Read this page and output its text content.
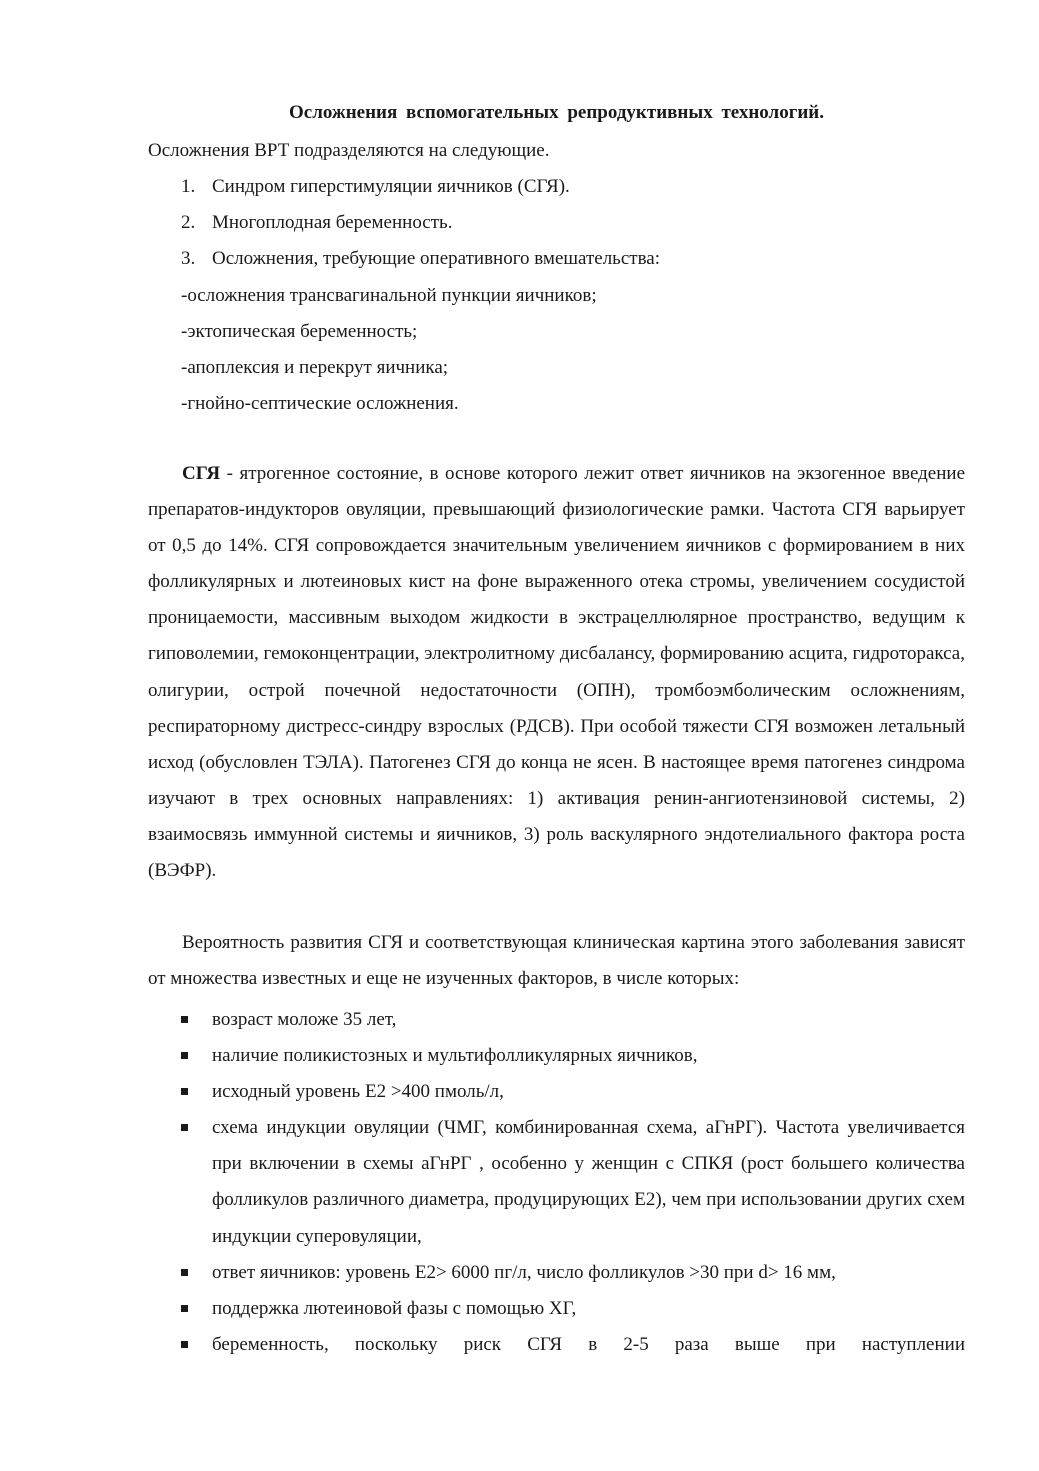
Осложнения вспомогательных репродуктивных технологий.
Осложнения ВРТ подразделяются на следующие.
1. Синдром гиперстимуляции яичников (СГЯ).
2. Многоплодная беременность.
3. Осложнения, требующие оперативного вмешательства:
-осложнения трансвагинальной пункции яичников;
-эктопическая беременность;
-апоплексия и перекрут яичника;
-гнойно-септические осложнения.
СГЯ - ятрогенное состояние, в основе которого лежит ответ яичников на экзогенное введение препаратов-индукторов овуляции, превышающий физиологические рамки. Частота СГЯ варьирует от 0,5 до 14%. СГЯ сопровождается значительным увеличением яичников с формированием в них фолликулярных и лютеиновых кист на фоне выраженного отека стромы, увеличением сосудистой проницаемости, массивным выходом жидкости в экстрацеллюлярное пространство, ведущим к гиповолемии, гемоконцентрации, электролитному дисбалансу, формированию асцита, гидроторакса, олигурии, острой почечной недостаточности (ОПН), тромбоэмболическим осложнениям, респираторному дистресс-синдру взрослых (РДСВ). При особой тяжести СГЯ возможен летальный исход (обусловлен ТЭЛА). Патогенез СГЯ до конца не ясен. В настоящее время патогенез синдрома изучают в трех основных направлениях: 1) активация ренин-ангиотензиновой системы, 2) взаимосвязь иммунной системы и яичников, 3) роль васкулярного эндотелиального фактора роста (ВЭФР).
Вероятность развития СГЯ и соответствующая клиническая картина этого заболевания зависят от множества известных и еще не изученных факторов, в числе которых:
возраст моложе 35 лет,
наличие поликистозных и мультифолликулярных яичников,
исходный уровень Е2 >400 пмоль/л,
схема индукции овуляции (ЧМГ, комбинированная схема, аГнРГ). Частота увеличивается при включении в схемы аГнРГ , особенно у женщин с СПКЯ (рост большего количества фолликулов различного диаметра, продуцирующих Е2), чем при использовании других схем индукции суперовуляции,
ответ яичников: уровень Е2> 6000 пг/л, число фолликулов >30 при d> 16 мм,
поддержка лютеиновой фазы с помощью ХГ,
беременность, поскольку риск СГЯ в 2-5 раза выше при наступлении
